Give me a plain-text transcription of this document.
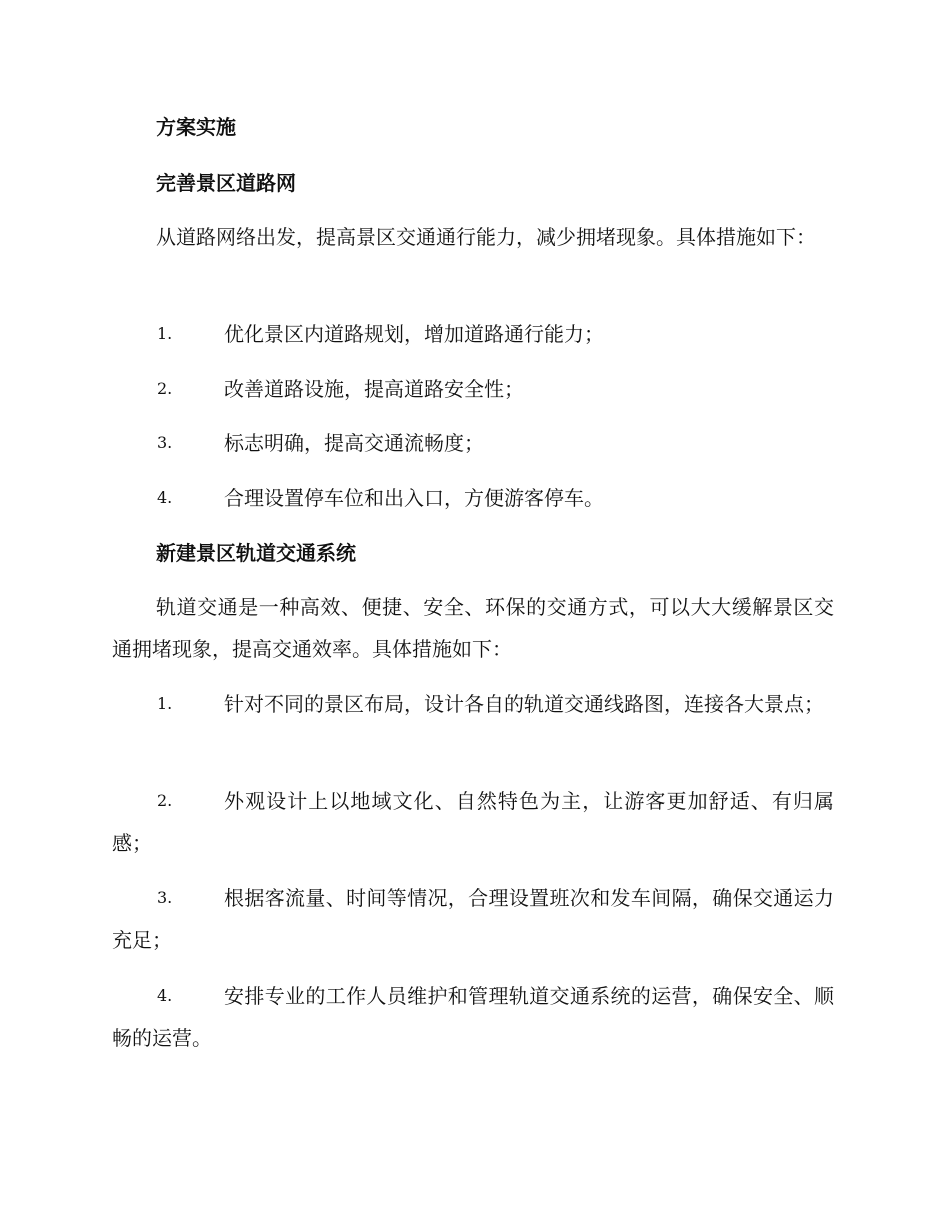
方案实施
完善景区道路网
从道路网络出发，提高景区交通通行能力，减少拥堵现象。具体措施如下：
1.	优化景区内道路规划，增加道路通行能力；
2.	改善道路设施，提高道路安全性；
3.	标志明确，提高交通流畅度；
4.	合理设置停车位和出入口，方便游客停车。
新建景区轨道交通系统
轨道交通是一种高效、便捷、安全、环保的交通方式，可以大大缓解景区交通拥堵现象，提高交通效率。具体措施如下：
1.	针对不同的景区布局，设计各自的轨道交通线路图，连接各大景点；
2.	外观设计上以地域文化、自然特色为主，让游客更加舒适、有归属感；
3.	根据客流量、时间等情况，合理设置班次和发车间隔，确保交通运力充足；
4.	安排专业的工作人员维护和管理轨道交通系统的运营，确保安全、顺畅的运营。
